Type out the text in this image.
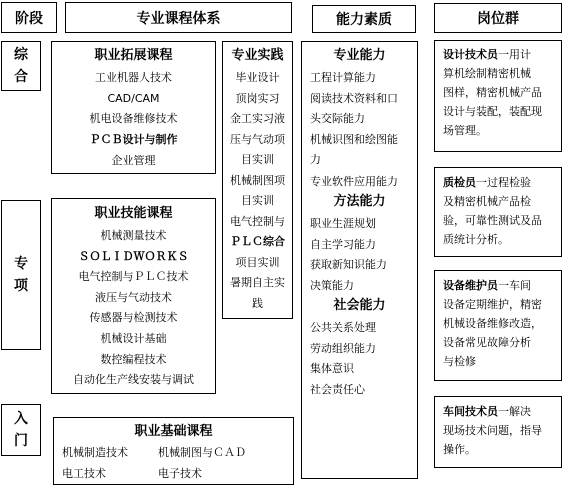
阶段	专业课程体系	能力素质	岗位群
综
合
专
项
入
门
职业拓展课程
工业机器人技术
CAD/CAM
机电设备维修技术
ＰＣＢ设计与制作
企业管理
职业技能课程
机械测量技术
ＳＯＬＩＤＷＯＲＫＳ
电气控制与ＰＬＣ技术
液压与气动技术
传感器与检测技术
机械设计基础
数控编程技术
自动化生产线安装与调试
职业基础课程
机械制造技术	机械制图与ＣＡＤ
电工技术	电子技术
专业实践
毕业设计
顶岗实习
金工实习液
压与气动项
目实训
机械制图项
目实训
电气控制与
ＰＬＣ综合
项目实训
暑期自主实
践
专业能力
工程计算能力
阅读技术资料和口
头交际能力
机械识图和绘图能
力
专业软件应用能力
方法能力
职业生涯规划
自主学习能力
获取新知识能力
决策能力
社会能力
公共关系处理
劳动组织能力
集体意识
社会责任心
设计技术员一用计
算机绘制精密机械
图样，精密机械产品
设计与装配，装配现
场管理。
质检员一过程检验
及精密机械产品检
验，可靠性测试及品
质统计分析。
设备维护员一车间
设备定期维护，精密
机械设备维修改造，
设备常见故障分析
与检修
车间技术员一解决
现场技术问题，指导
操作。
